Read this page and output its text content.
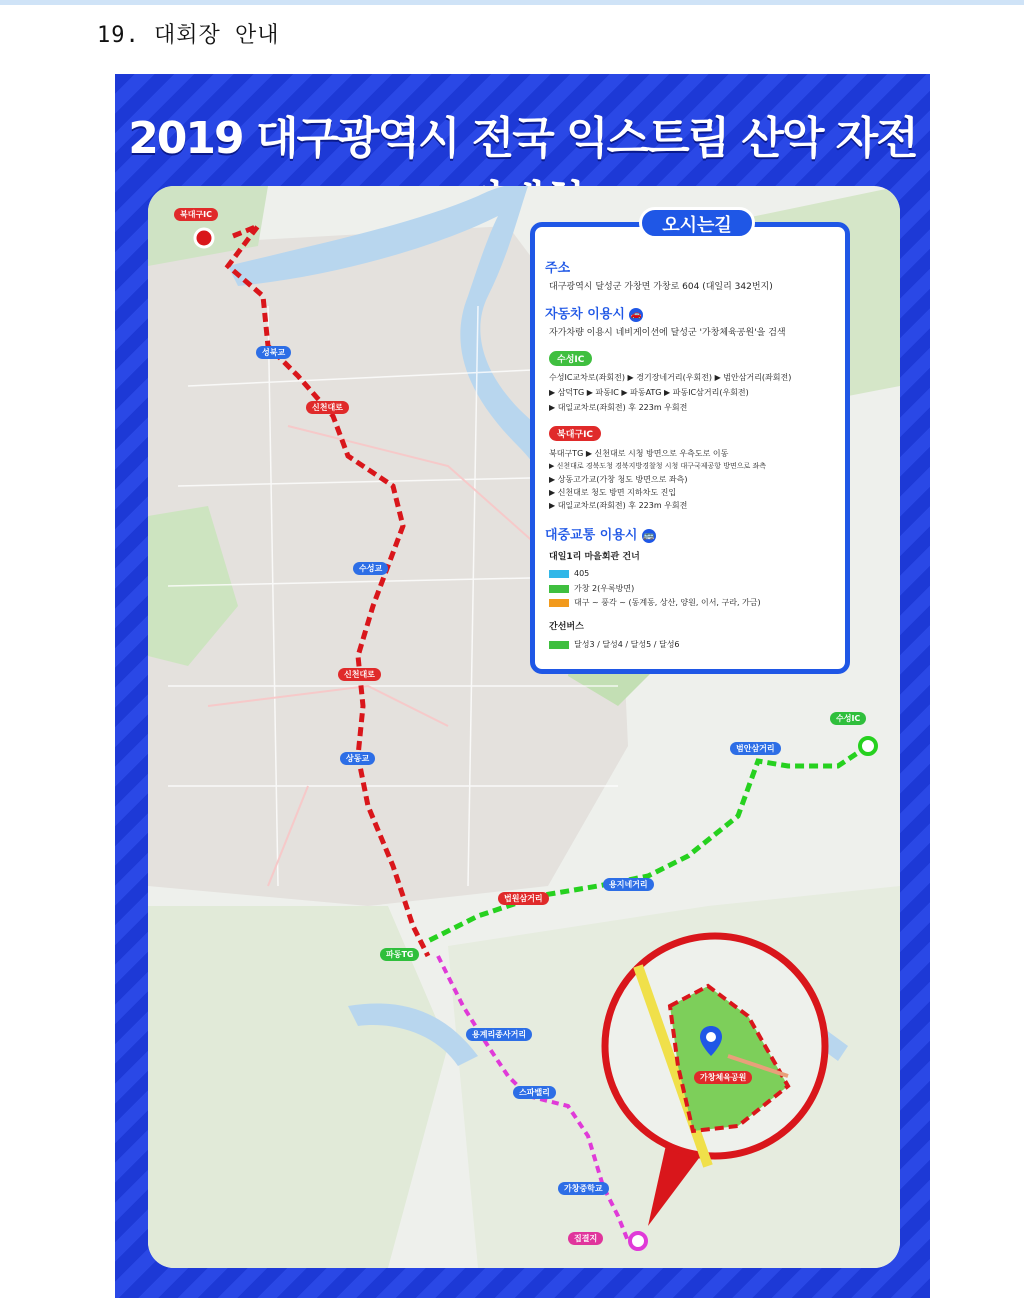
19. 대회장 안내
2019 대구광역시 전국 익스트림 산악 자전
오시는길
주소
대구광역시 달성군 가창면 가창로 604 (대일리 342번지)
자동차 이용시 🚗
자가차량 이용시 네비게이션에 달성군 '가창체육공원'을 검색
수성IC
수성IC교차로(좌회전) ▶ 경기장네거리(우회전) ▶ 범안삼거리(좌회전)
▶ 삼덕TG ▶ 파동IC ▶ 파동ATG ▶ 파동IC삼거리(우회전)
▶ 대일교차로(좌회전) 후 223m 우회전
북대구IC
북대구TG ▶ 신천대로 시청 방면으로 우측도로 이동
▶ 신천대로 경북도청 경북지방경찰청 시청 대구국제공항 방면으로 좌측
▶ 상동고가교(가창 청도 방면으로 좌측)
▶ 신천대로 청도 방면 지하차도 진입
▶ 대일교차로(좌회전) 후 223m 우회전
대중교통 이용시 🚌
대일1리 마을회관 건너
405
가창 2(우록방면)
대구 ~ 풍각 ~ (동계동, 상산, 양원, 이서, 구라, 가금)
간선버스
달성3 / 달성4 / 달성5 / 달성6
북대구IC
성북교
신천대로
수성교
신천대로
상동교
수성IC
범안삼거리
용지네거리
법원삼거리
파동TG
용계리종사거리
스파밸리
가창중학교
집결지
가창체육공원
